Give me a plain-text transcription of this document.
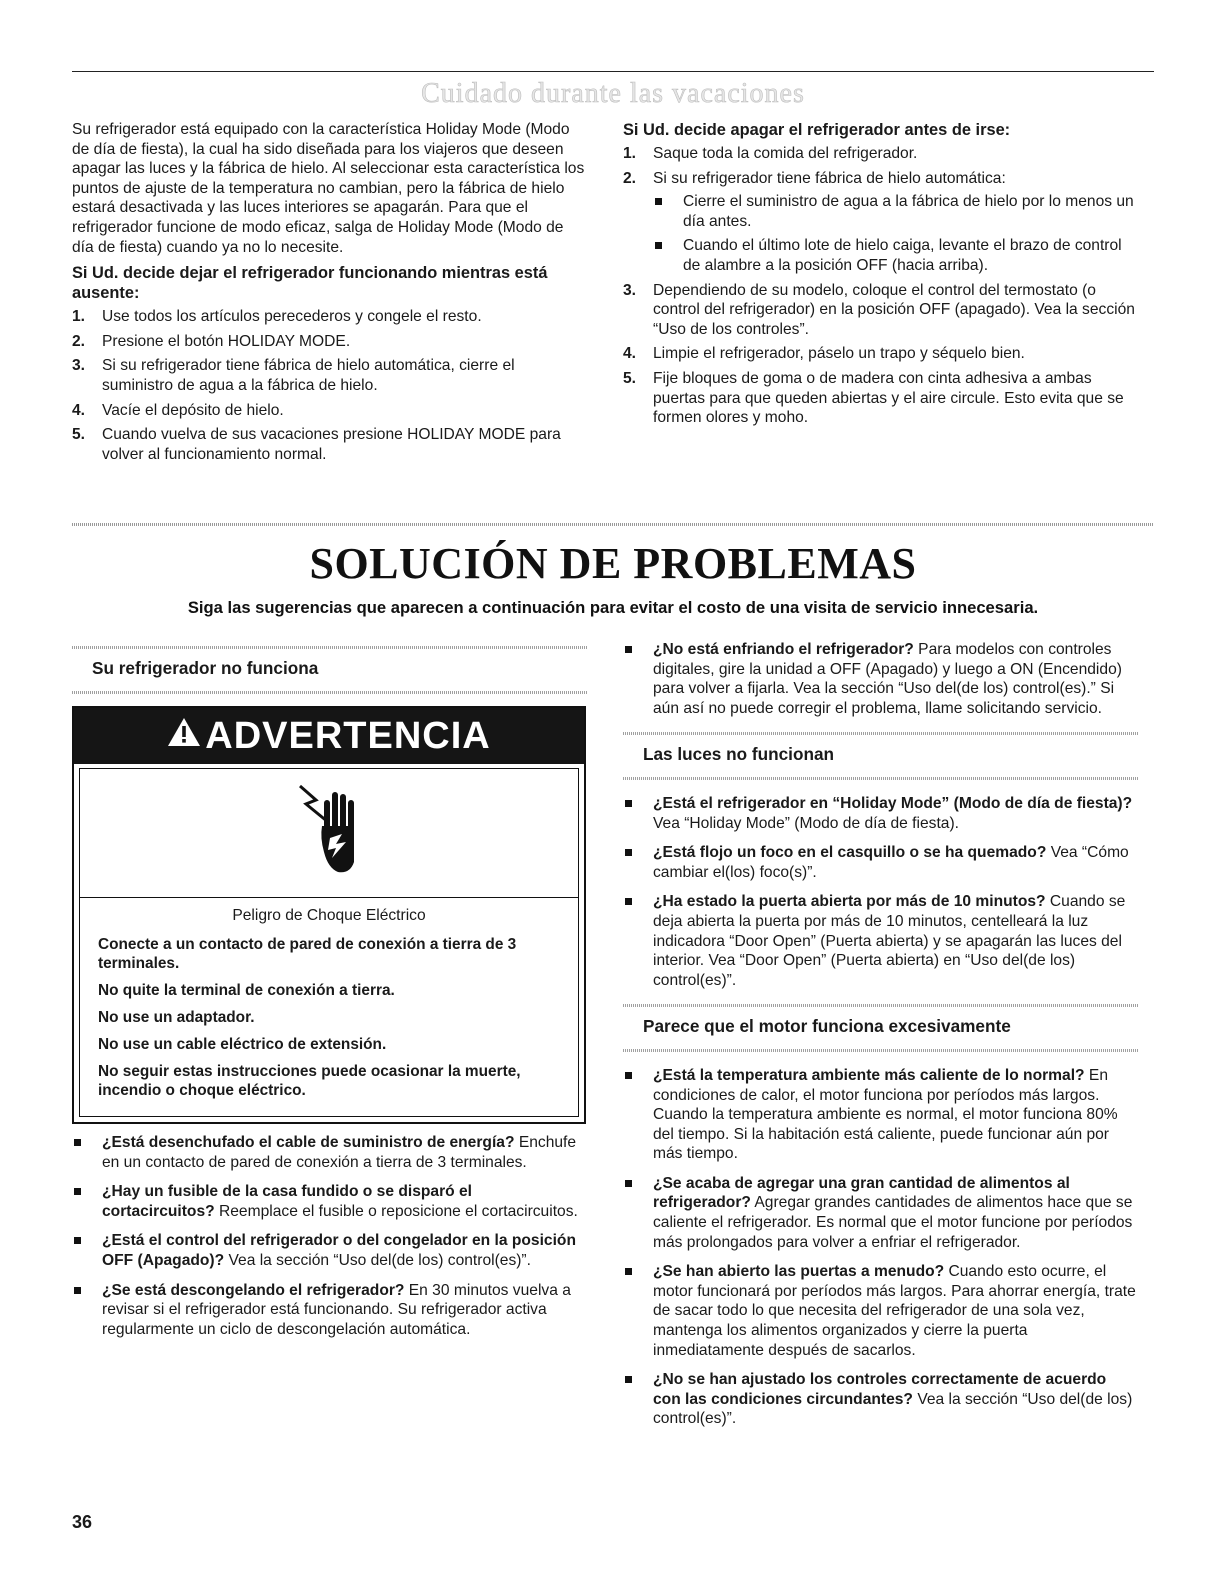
Cuidado durante las vacaciones

Su refrigerador está equipado con la característica Holiday Mode (Modo de día de fiesta), la cual ha sido diseñada para los viajeros que deseen apagar las luces y la fábrica de hielo. Al seleccionar esta característica los puntos de ajuste de la temperatura no cambian, pero la fábrica de hielo estará desactivada y las luces interiores se apagarán. Para que el refrigerador funcione de modo eficaz, salga de Holiday Mode (Modo de día de fiesta) cuando ya no lo necesite.

Si Ud. decide dejar el refrigerador funcionando mientras está ausente:
1. Use todos los artículos perecederos y congele el resto.
2. Presione el botón HOLIDAY MODE.
3. Si su refrigerador tiene fábrica de hielo automática, cierre el suministro de agua a la fábrica de hielo.
4. Vacíe el depósito de hielo.
5. Cuando vuelva de sus vacaciones presione HOLIDAY MODE para volver al funcionamiento normal.
Si Ud. decide apagar el refrigerador antes de irse:
1. Saque toda la comida del refrigerador.
2. Si su refrigerador tiene fábrica de hielo automática:
Cierre el suministro de agua a la fábrica de hielo por lo menos un día antes.
Cuando el último lote de hielo caiga, levante el brazo de control de alambre a la posición OFF (hacia arriba).
3. Dependiendo de su modelo, coloque el control del termostato (o control del refrigerador) en la posición OFF (apagado). Vea la sección “Uso de los controles”.
4. Limpie el refrigerador, páselo un trapo y séquelo bien.
5. Fije bloques de goma o de madera con cinta adhesiva a ambas puertas para que queden abiertas y el aire circule. Esto evita que se formen olores y moho.
SOLUCIÓN DE PROBLEMAS
Siga las sugerencias que aparecen a continuación para evitar el costo de una visita de servicio innecesaria.
Su refrigerador no funciona
ADVERTENCIA
Peligro de Choque Eléctrico
Conecte a un contacto de pared de conexión a tierra de 3 terminales.
No quite la terminal de conexión a tierra.
No use un adaptador.
No use un cable eléctrico de extensión.
No seguir estas instrucciones puede ocasionar la muerte, incendio o choque eléctrico.
¿Está desenchufado el cable de suministro de energía? Enchufe en un contacto de pared de conexión a tierra de 3 terminales.
¿Hay un fusible de la casa fundido o se disparó el cortacircuitos? Reemplace el fusible o reposicione el cortacircuitos.
¿Está el control del refrigerador o del congelador en la posición OFF (Apagado)? Vea la sección “Uso del(de los) control(es)”.
¿Se está descongelando el refrigerador? En 30 minutos vuelva a revisar si el refrigerador está funcionando. Su refrigerador activa regularmente un ciclo de descongelación automática.
¿No está enfriando el refrigerador? Para modelos con controles digitales, gire la unidad a OFF (Apagado) y luego a ON (Encendido) para volver a fijarla. Vea la sección “Uso del(de los) control(es).” Si aún así no puede corregir el problema, llame solicitando servicio.
Las luces no funcionan
¿Está el refrigerador en “Holiday Mode” (Modo de día de fiesta)? Vea “Holiday Mode” (Modo de día de fiesta).
¿Está flojo un foco en el casquillo o se ha quemado? Vea “Cómo cambiar el(los) foco(s)”.
¿Ha estado la puerta abierta por más de 10 minutos? Cuando se deja abierta la puerta por más de 10 minutos, centelleará la luz indicadora “Door Open” (Puerta abierta) y se apagarán las luces del interior. Vea “Door Open” (Puerta abierta) en “Uso del(de los) control(es)”.
Parece que el motor funciona excesivamente
¿Está la temperatura ambiente más caliente de lo normal? En condiciones de calor, el motor funciona por períodos más largos. Cuando la temperatura ambiente es normal, el motor funciona 80% del tiempo. Si la habitación está caliente, puede funcionar aún por más tiempo.
¿Se acaba de agregar una gran cantidad de alimentos al refrigerador? Agregar grandes cantidades de alimentos hace que se caliente el refrigerador. Es normal que el motor funcione por períodos más prolongados para volver a enfriar el refrigerador.
¿Se han abierto las puertas a menudo? Cuando esto ocurre, el motor funcionará por períodos más largos. Para ahorrar energía, trate de sacar todo lo que necesita del refrigerador de una sola vez, mantenga los alimentos organizados y cierre la puerta inmediatamente después de sacarlos.
¿No se han ajustado los controles correctamente de acuerdo con las condiciones circundantes? Vea la sección “Uso del(de los) control(es)”.
36
